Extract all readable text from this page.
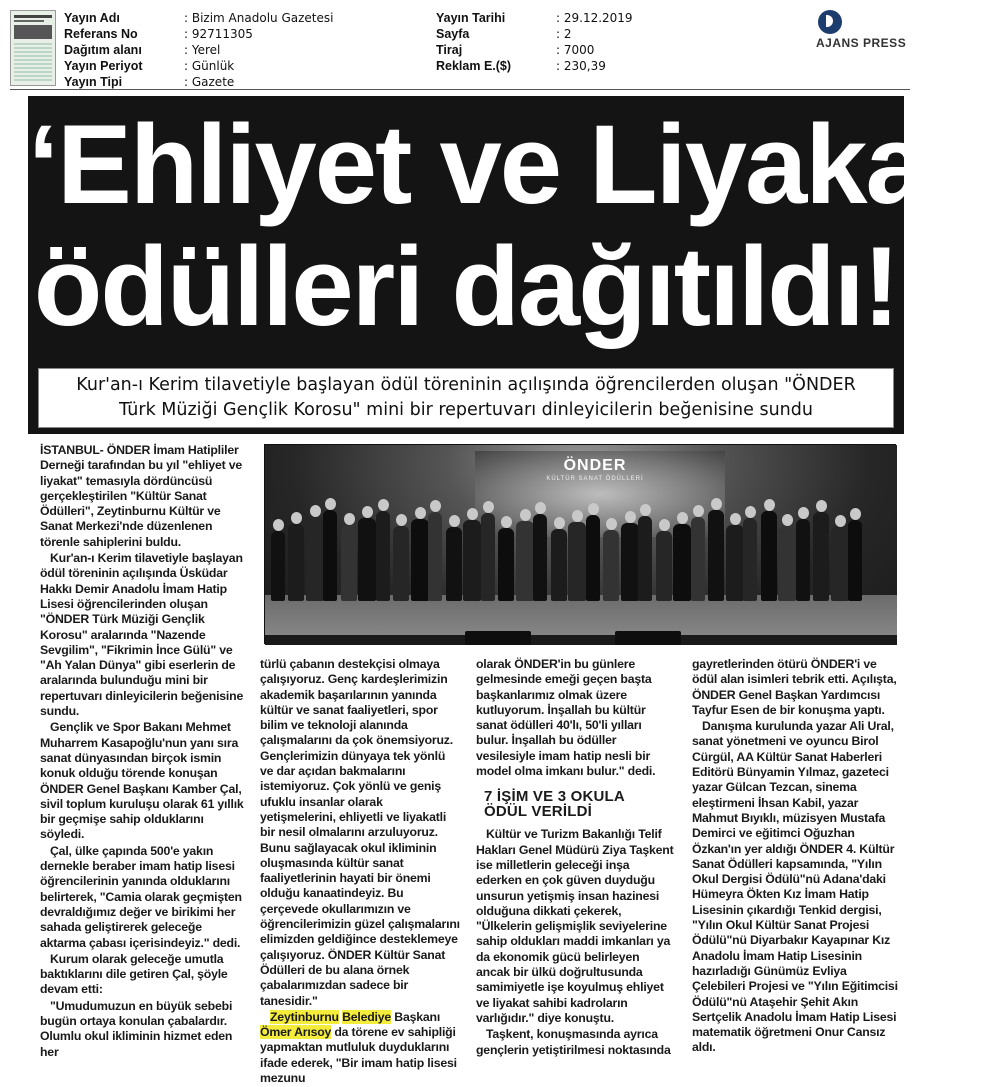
Yayın Adı	: Bizim Anadolu Gazetesi
Referans No	: 92711305
Dağıtım alanı	: Yerel
Yayın Periyot	: Günlük
Yayın Tipi	: Gazete
Yayın Tarihi	: 29.12.2019
Sayfa	: 2
Tiraj	: 7000
Reklam E.($)	: 230,39
AJANS PRESS
‘Ehliyet ve Liyakat’
ödülleri dağıtıldı!
Kur'an-ı Kerim tilavetiyle başlayan ödül töreninin açılışında öğrencilerden oluşan "ÖNDER
Türk Müziği Gençlik Korosu" mini bir repertuvarı dinleyicilerin beğenisine sundu
ÖNDER
KÜLTÜR SANAT ÖDÜLLERİ

İSTANBUL- ÖNDER İmam Hatipliler Derneği tarafından bu yıl "ehliyet ve liyakat" temasıyla dördüncüsü gerçekleştirilen "Kültür Sanat Ödülleri", Zeytinburnu Kültür ve Sanat Merkezi'nde düzenlenen törenle sahiplerini buldu.

Kur'an-ı Kerim tilavetiyle başlayan ödül töreninin açılışında Üsküdar Hakkı Demir Anadolu İmam Hatip Lisesi öğrencilerinden oluşan "ÖNDER Türk Müziği Gençlik Korosu" aralarında "Nazende Sevgilim", "Fikrimin İnce Gülü" ve "Ah Yalan Dünya" gibi eserlerin de aralarında bulunduğu mini bir repertuvarı dinleyicilerin beğenisine sundu.

Gençlik ve Spor Bakanı Mehmet Muharrem Kasapoğlu'nun yanı sıra sanat dünyasından birçok ismin konuk olduğu törende konuşan ÖNDER Genel Başkanı Kamber Çal, sivil toplum kuruluşu olarak 61 yıllık bir geçmişe sahip olduklarını söyledi.

Çal, ülke çapında 500'e yakın dernekle beraber imam hatip lisesi öğrencilerinin yanında olduklarını belirterek, "Camia olarak geçmişten devraldığımız değer ve birikimi her sahada geliştirerek geleceğe aktarma çabası içerisindeyiz." dedi.

Kurum olarak geleceğe umutla baktıklarını dile getiren Çal, şöyle devam etti:

"Umudumuzun en büyük sebebi bugün ortaya konulan çabalardır. Olumlu okul ikliminin hizmet eden her

türlü çabanın destekçisi olmaya çalışıyoruz. Genç kardeşlerimizin akademik başarılarının yanında kültür ve sanat faaliyetleri, spor bilim ve teknoloji alanında çalışmalarını da çok önemsiyoruz. Gençlerimizin dünyaya tek yönlü ve dar açıdan bakmalarını istemiyoruz. Çok yönlü ve geniş ufuklu insanlar olarak yetişmelerini, ehliyetli ve liyakatli bir nesil olmalarını arzuluyoruz. Bunu sağlayacak okul ikliminin oluşmasında kültür sanat faaliyetlerinin hayati bir önemi olduğu kanaatindeyiz. Bu çerçevede okullarımızın ve öğrencilerimizin güzel çalışmalarını elimizden geldiğince desteklemeye çalışıyoruz. ÖNDER Kültür Sanat Ödülleri de bu alana örnek çabalarımızdan sadece bir tanesidir."

Zeytinburnu Belediye Başkanı Ömer Arısoy da törene ev sahipliği yapmaktan mutluluk duyduklarını ifade ederek, "Bir imam hatip lisesi mezunu

olarak ÖNDER'in bu günlere gelmesinde emeği geçen başta başkanlarımız olmak üzere kutluyorum. İnşallah bu kültür sanat ödülleri 40'lı, 50'li yılları bulur. İnşallah bu ödüller vesilesiyle imam hatip nesli bir model olma imkanı bulur." dedi.

7 İŞİM VE 3 OKULA
ÖDÜL VERİLDİ

Kültür ve Turizm Bakanlığı Telif Hakları Genel Müdürü Ziya Taşkent ise milletlerin geleceği inşa ederken en çok güven duyduğu unsurun yetişmiş insan hazinesi olduğuna dikkati çekerek, "Ülkelerin gelişmişlik seviyelerine sahip oldukları maddi imkanları ya da ekonomik gücü belirleyen ancak bir ülkü doğrultusunda samimiyetle işe koyulmuş ehliyet ve liyakat sahibi kadroların varlığıdır." diye konuştu.

Taşkent, konuşmasında ayrıca gençlerin yetiştirilmesi noktasında

gayretlerinden ötürü ÖNDER'i ve ödül alan isimleri tebrik etti. Açılışta, ÖNDER Genel Başkan Yardımcısı Tayfur Esen de bir konuşma yaptı.

Danışma kurulunda yazar Ali Ural, sanat yönetmeni ve oyuncu Birol Cürgül, AA Kültür Sanat Haberleri Editörü Bünyamin Yılmaz, gazeteci yazar Gülcan Tezcan, sinema eleştirmeni İhsan Kabil, yazar Mahmut Bıyıklı, müzisyen Mustafa Demirci ve eğitimci Oğuzhan Özkan'ın yer aldığı ÖNDER 4. Kültür Sanat Ödülleri kapsamında, "Yılın Okul Dergisi Ödülü"nü Adana'daki Hümeyra Ökten Kız İmam Hatip Lisesinin çıkardığı Tenkid dergisi, "Yılın Okul Kültür Sanat Projesi Ödülü"nü Diyarbakır Kayapınar Kız Anadolu İmam Hatip Lisesinin hazırladığı Günümüz Evliya Çelebileri Projesi ve "Yılın Eğitimcisi Ödülü"nü Ataşehir Şehit Akın Sertçelik Anadolu İmam Hatip Lisesi matematik öğretmeni Onur Cansız aldı.
